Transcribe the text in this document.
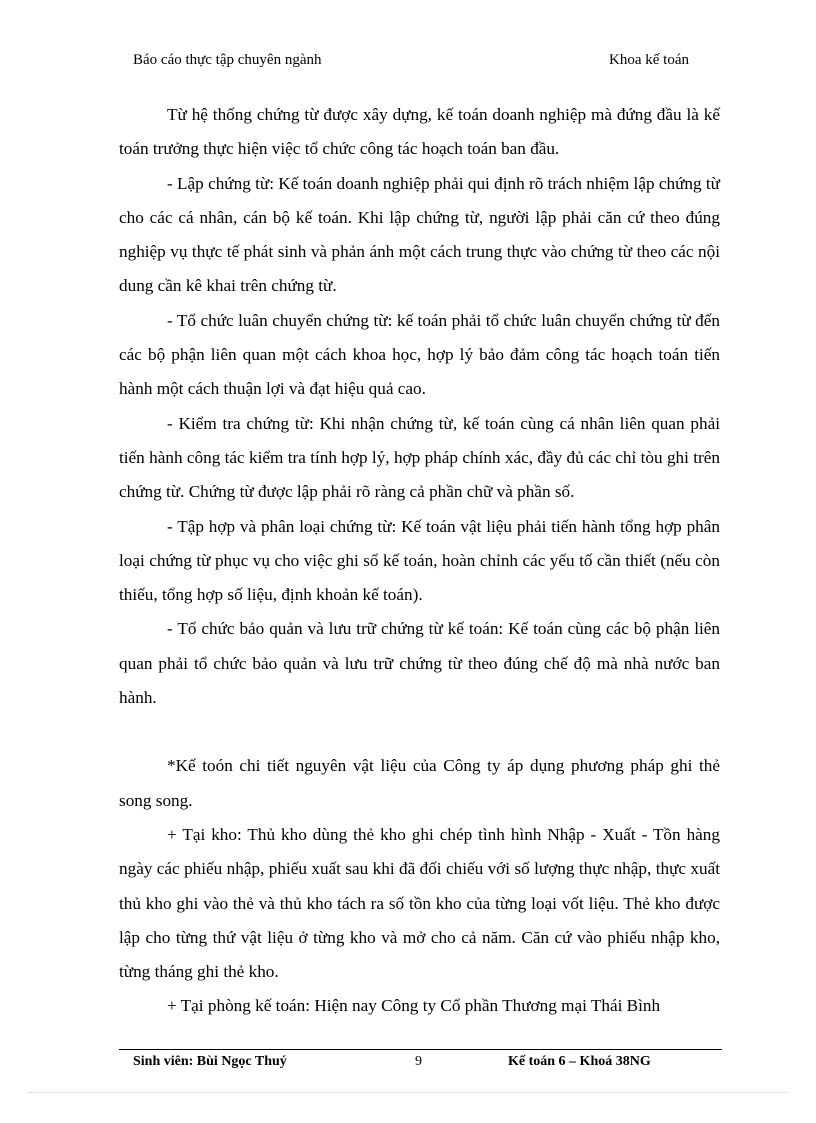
Báo cáo thực tập chuyên ngành	Khoa kế toán

Từ hệ thống chứng từ được xây dựng, kế toán doanh nghiệp mà đứng đầu là kế toán trưởng thực hiện việc tổ chức công tác hoạch toán ban đầu.

- Lập chứng từ: Kế toán doanh nghiệp phải qui định rõ trách nhiệm lập chứng từ cho các cá nhân, cán bộ kế toán. Khi lập chứng từ, người lập phải căn cứ theo đúng nghiệp vụ thực tế phát sinh và phản ánh một cách trung thực vào chứng từ theo các nội dung cần kê khai trên chứng từ.

- Tổ chức luân chuyển chứng từ: kế toán phải tổ chức luân chuyển chứng từ đến các bộ phận liên quan một cách khoa học, hợp lý bảo đảm công tác hoạch toán tiến hành một cách thuận lợi và đạt hiệu quả cao.

- Kiểm tra chứng từ: Khi nhận chứng từ, kế toán cùng cá nhân liên quan phải tiến hành công tác kiểm tra tính hợp lý, hợp pháp chính xác, đầy đủ các chỉ tòu ghi trên chứng từ. Chứng từ được lập phải rõ ràng cả phần chữ và phần số.

- Tập hợp và phân loại chứng từ: Kế toán vật liệu phải tiến hành tổng hợp phân loại chứng từ phục vụ cho việc ghi sổ kế toán, hoàn chỉnh các yếu tố cần thiết (nếu còn thiếu, tổng hợp số liệu, định khoản kế toán).

- Tổ chức bảo quản và lưu trữ chứng từ kế toán: Kế toán cùng các bộ phận liên quan phải tổ chức bảo quản và lưu trữ chứng từ theo đúng chế độ mà nhà nước ban hành.

*Kế toón chi tiết nguyên vật liệu của Công ty áp dụng phương pháp ghi thẻ song song.

+ Tại kho: Thủ kho dùng thẻ kho ghi chép tình hình Nhập - Xuất - Tồn hàng ngày các phiếu nhập, phiếu xuất sau khi đã đối chiếu với số lượng thực nhập, thực xuất thủ kho ghi vào thẻ và thủ kho tách ra số tồn kho của từng loại vốt liệu. Thẻ kho được lập cho từng thứ vật liệu ở từng kho và mở cho cả năm. Căn cứ vào phiếu nhập kho, từng tháng ghi thẻ kho.

+ Tại phòng kế toán: Hiện nay Công ty Cổ phần Thương mại Thái Bình

Sinh viên: Bùi Ngọc Thuý	9	Kế toán 6 – Khoá 38NG
